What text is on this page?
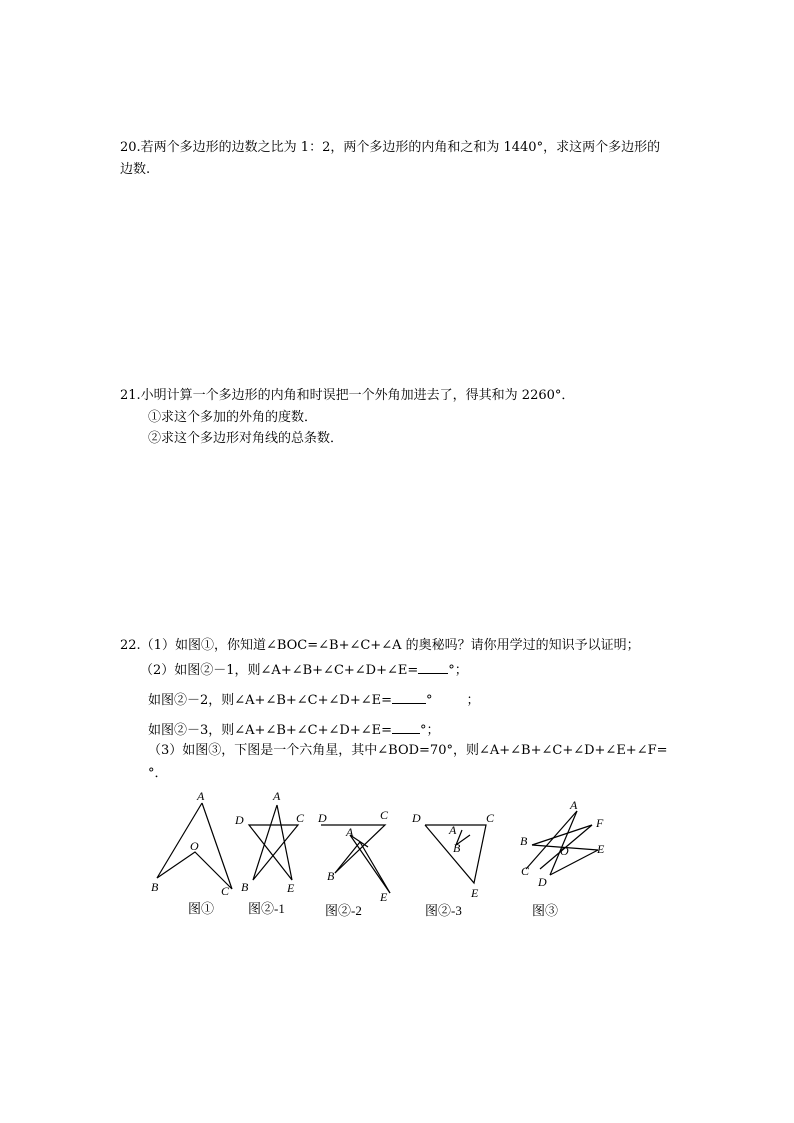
20.若两个多边形的边数之比为 1：2，两个多边形的内角和之和为 1440°，求这两个多边形的
边数.
21.小明计算一个多边形的内角和时误把一个外角加进去了，得其和为 2260°．
①求这个多加的外角的度数．
②求这个多边形对角线的总条数．
22.（1）如图①，你知道∠BOC=∠B+∠C+∠A 的奥秘吗？请你用学过的知识予以证明；
（2）如图②－1，则∠A+∠B+∠C+∠D+∠E= °；
如图②－2，则∠A+∠B+∠C+∠D+∠E=	°	；
如图②－3，则∠A+∠B+∠C+∠D+∠E= °；
（3）如图③，下图是一个六角星，其中∠BOD=70°，则∠A+∠B+∠C+∠D+∠E+∠F=
°．
A
O
B	C
图①
A
D	C
B	E
图②-1
D	C
A
B
E
图②-2
D	C
A
B
E
图②-3
A
F
B
O E
C
D
图③
